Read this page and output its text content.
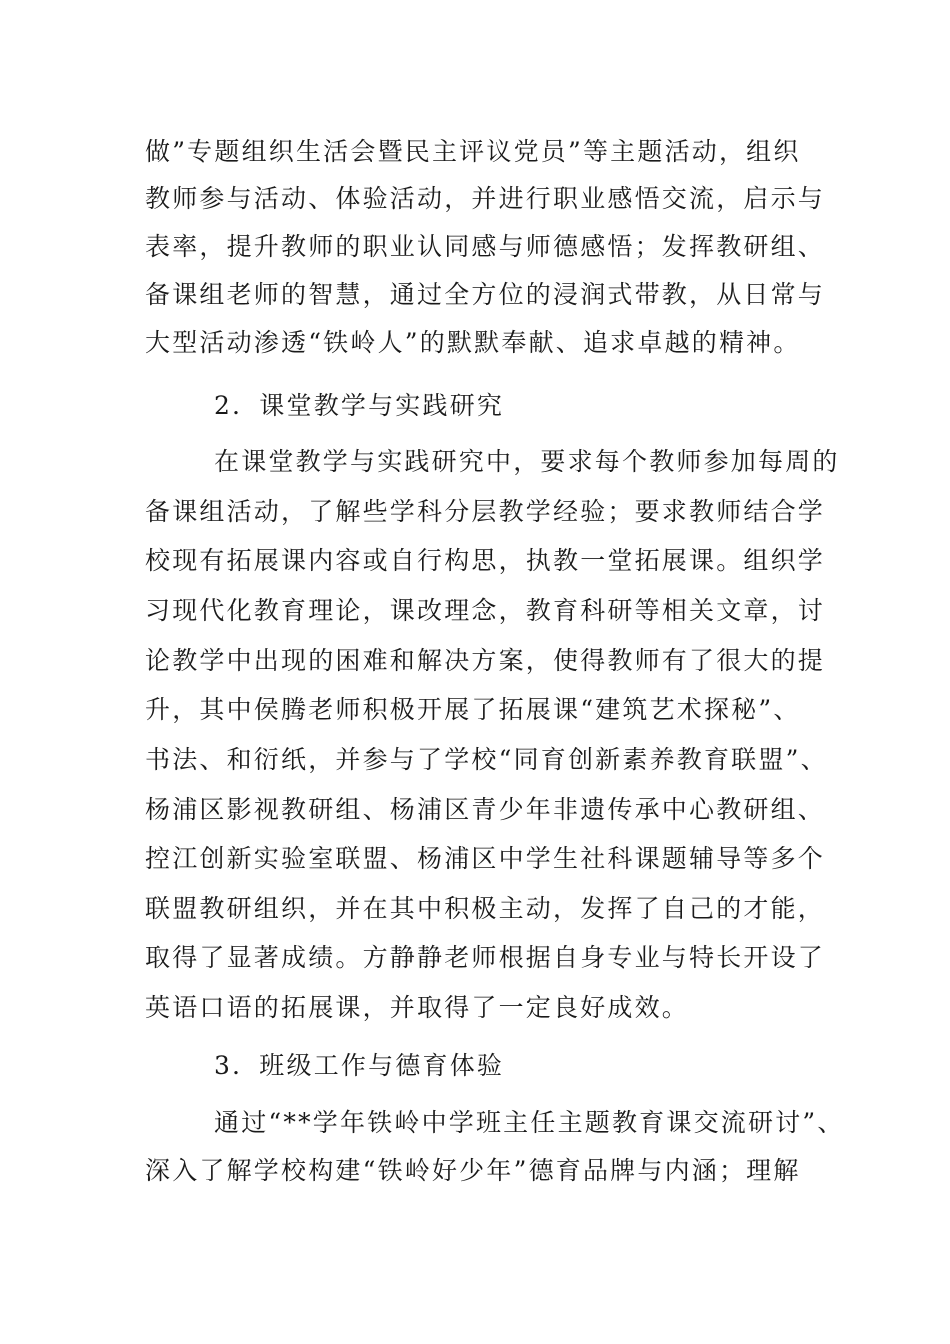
做”专题组织生活会暨民主评议党员”等主题活动，组织
教师参与活动、体验活动，并进行职业感悟交流，启示与
表率，提升教师的职业认同感与师德感悟；发挥教研组、
备课组老师的智慧，通过全方位的浸润式带教，从日常与
大型活动渗透“铁岭人”的默默奉献、追求卓越的精神。
2．课堂教学与实践研究
在课堂教学与实践研究中，要求每个教师参加每周的
备课组活动，了解些学科分层教学经验；要求教师结合学
校现有拓展课内容或自行构思，执教一堂拓展课。组织学
习现代化教育理论，课改理念，教育科研等相关文章，讨
论教学中出现的困难和解决方案，使得教师有了很大的提
升，其中侯腾老师积极开展了拓展课“建筑艺术探秘”、
书法、和衍纸，并参与了学校“同育创新素养教育联盟”、
杨浦区影视教研组、杨浦区青少年非遗传承中心教研组、
控江创新实验室联盟、杨浦区中学生社科课题辅导等多个
联盟教研组织，并在其中积极主动，发挥了自己的才能，
取得了显著成绩。方静静老师根据自身专业与特长开设了
英语口语的拓展课，并取得了一定良好成效。
3．班级工作与德育体验
通过“**学年铁岭中学班主任主题教育课交流研讨”、
深入了解学校构建“铁岭好少年”德育品牌与内涵；理解
